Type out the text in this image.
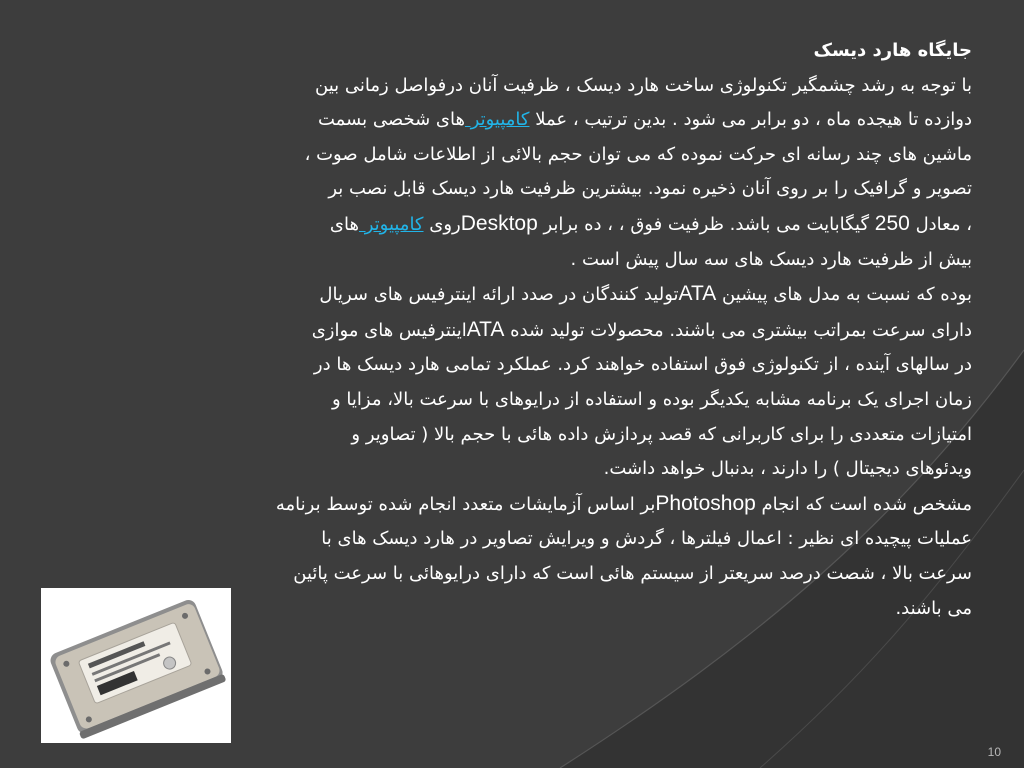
جایگاه هارد دیسک
با توجه به رشد چشمگیر تکنولوژی ساخت هارد دیسک ، ظرفیت آنان درفواصل زمانی بین
دوازده تا هیجده ماه ، دو برابر می شود . بدین ترتیب ، عملا کامپیوتر های شخصی بسمت
ماشین های چند رسانه ای حرکت نموده که می توان حجم بالائی از اطلاعات شامل صوت ،
تصویر و گرافیک را بر روی آنان ذخیره نمود. بیشترین ظرفیت هارد دیسک قابل نصب بر
، معادل 250 گیگابایت می باشد. ظرفیت فوق ، ، ده برابر Desktopروی کامپیوتر های
بیش از ظرفیت هارد دیسک های سه سال پیش است .
بوده که نسبت به مدل های پیشین ATAتولید کنندگان در صدد ارائه اینترفیس های سریال
دارای سرعت بمراتب بیشتری می باشند. محصولات تولید شده ATAاینترفیس های موازی
در سالهای آینده ، از تکنولوژی فوق استفاده خواهند کرد. عملکرد تمامی هارد دیسک ها در
زمان اجرای یک برنامه مشابه یکدیگر بوده و استفاده از درایوهای با سرعت بالا، مزایا و
امتیازات متعددی را برای کاربرانی که قصد پردازش داده هائی با حجم بالا ( تصاویر و
ویدئوهای دیجیتال ) را دارند ، بدنبال خواهد داشت.
مشخص شده است که انجام Photoshopبر اساس آزمایشات متعدد انجام شده توسط برنامه
عملیات پیچیده ای نظیر : اعمال فیلترها ، گردش و ویرایش تصاویر در هارد دیسک های با
سرعت بالا ، شصت درصد سریعتر از سیستم هائی است که دارای درایوهائی با سرعت پائین
می باشند.
10
